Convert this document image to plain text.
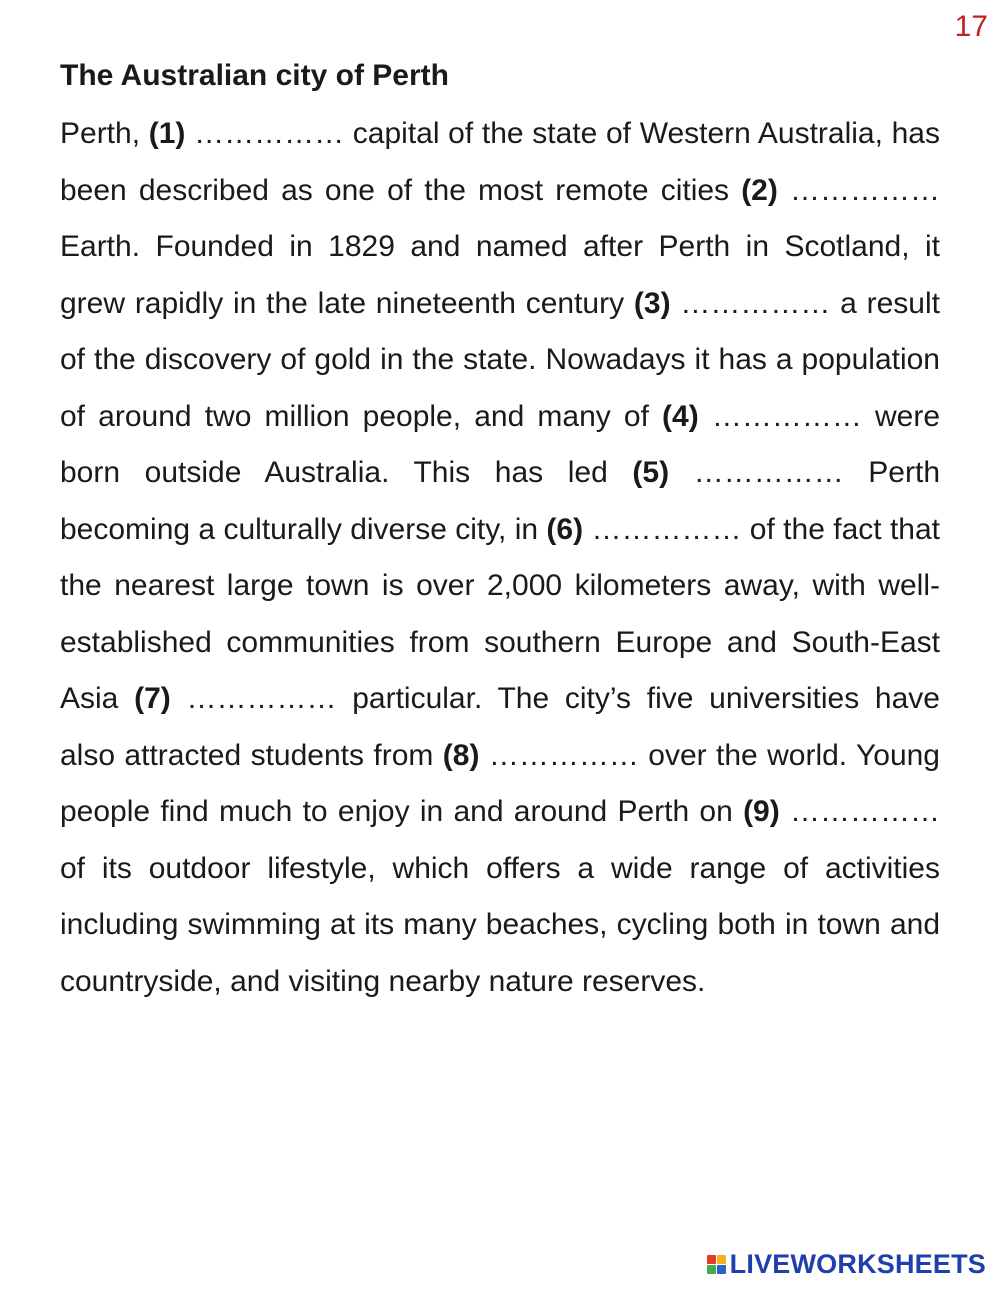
17
The Australian city of Perth

Perth, (1) …………… capital of the state of Western Australia, has been described as one of the most remote cities (2) …………… Earth. Founded in 1829 and named after Perth in Scotland, it grew rapidly in the late nineteenth century (3) …………… a result of the discovery of gold in the state. Nowadays it has a population of around two million people, and many of (4) …………… were born outside Australia. This has led (5) …………… Perth becoming a culturally diverse city, in (6) …………… of the fact that the nearest large town is over 2,000 kilometers away, with well-established communities from southern Europe and South-East Asia (7) …………… particular. The city’s five universities have also attracted students from (8) …………… over the world. Young people find much to enjoy in and around Perth on (9) …………… of its outdoor lifestyle, which offers a wide range of activities including swimming at its many beaches, cycling both in town and countryside, and visiting nearby nature reserves.

LIVEWORKSHEETS
